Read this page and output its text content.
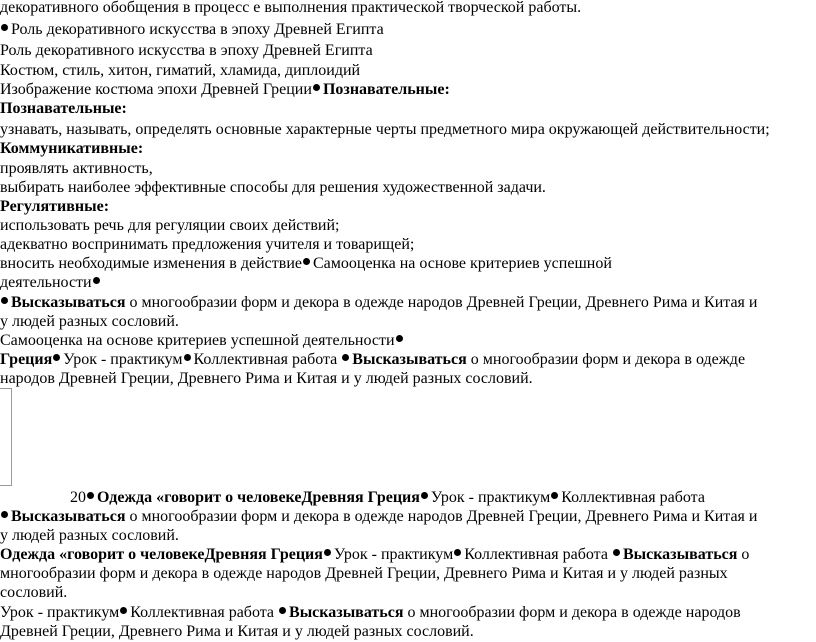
декоративного обобщения в процесс е выполнения практической творческой работы.
Роль декоративного искусства в эпоху Древней Египта
Роль декоративного искусства в эпоху Древней Египта
Костюм, стиль, хитон, гиматий, хламида, диплоидий
Изображение костюма эпохи Древней Греции Познавательные:
Познавательные:
узнавать, называть, определять основные характерные черты предметного мира окружающей действительности;
Коммуникативные:
проявлять активность,
выбирать наиболее эффективные способы для решения художественной задачи.
Регулятивные:
использовать речь для регуляции своих действий;
адекватно воспринимать предложения учителя и товарищей;
вносить необходимые изменения в действие Самооценка на основе критериев успешной
деятельности
Высказываться о многообразии форм и декора в одежде народов Древней Греции, Древнего Рима и Китая и
у людей разных сословий.
Самооценка на основе критериев успешной деятельности
Греция Урок - практикум Коллективная работа Высказываться о многообразии форм и декора в одежде
народов Древней Греции, Древнего Рима и Китая и у людей разных сословий.
20 Одежда «говорит о человекеДревняя Греция Урок - практикум Коллективная работа
Высказываться о многообразии форм и декора в одежде народов Древней Греции, Древнего Рима и Китая и
у людей разных сословий.
Одежда «говорит о человекеДревняя Греция Урок - практикум Коллективная работа Высказываться о
многообразии форм и декора в одежде народов Древней Греции, Древнего Рима и Китая и у людей разных
сословий.
Урок - практикум Коллективная работа Высказываться о многообразии форм и декора в одежде народов
Древней Греции, Древнего Рима и Китая и у людей разных сословий.
